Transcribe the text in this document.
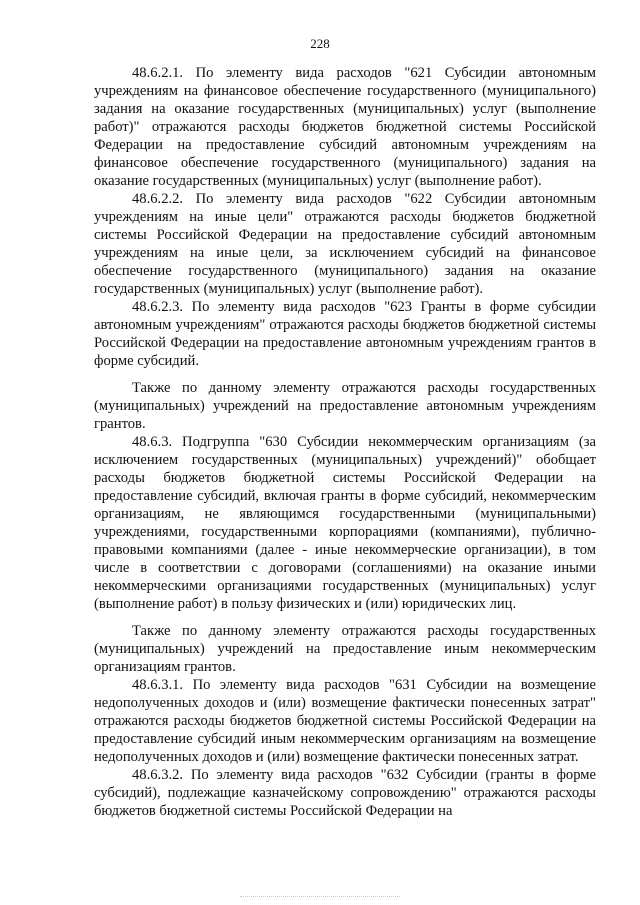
228

48.6.2.1. По элементу вида расходов "621 Субсидии автономным учреждениям на финансовое обеспечение государственного (муниципального) задания на оказание государственных (муниципальных) услуг (выполнение работ)" отражаются расходы бюджетов бюджетной системы Российской Федерации на предоставление субсидий автономным учреждениям на финансовое обеспечение государственного (муниципального) задания на оказание государственных (муниципальных) услуг (выполнение работ).

48.6.2.2. По элементу вида расходов "622 Субсидии автономным учреждениям на иные цели" отражаются расходы бюджетов бюджетной системы Российской Федерации на предоставление субсидий автономным учреждениям на иные цели, за исключением субсидий на финансовое обеспечение государственного (муниципального) задания на оказание государственных (муниципальных) услуг (выполнение работ).

48.6.2.3. По элементу вида расходов "623 Гранты в форме субсидии автономным учреждениям" отражаются расходы бюджетов бюджетной системы Российской Федерации на предоставление автономным учреждениям грантов в форме субсидий.

Также по данному элементу отражаются расходы государственных (муниципальных) учреждений на предоставление автономным учреждениям грантов.

48.6.3. Подгруппа "630 Субсидии некоммерческим организациям (за исключением государственных (муниципальных) учреждений)" обобщает расходы бюджетов бюджетной системы Российской Федерации на предоставление субсидий, включая гранты в форме субсидий, некоммерческим организациям, не являющимся государственными (муниципальными) учреждениями, государственными корпорациями (компаниями), публично-правовыми компаниями (далее - иные некоммерческие организации), в том числе в соответствии с договорами (соглашениями) на оказание иными некоммерческими организациями государственных (муниципальных) услуг (выполнение работ) в пользу физических и (или) юридических лиц.

Также по данному элементу отражаются расходы государственных (муниципальных) учреждений на предоставление иным некоммерческим организациям грантов.

48.6.3.1. По элементу вида расходов "631 Субсидии на возмещение недополученных доходов и (или) возмещение фактически понесенных затрат" отражаются расходы бюджетов бюджетной системы Российской Федерации на предоставление субсидий иным некоммерческим организациям на возмещение недополученных доходов и (или) возмещение фактически понесенных затрат.

48.6.3.2. По элементу вида расходов "632 Субсидии (гранты в форме субсидий), подлежащие казначейскому сопровождению" отражаются расходы бюджетов бюджетной системы Российской Федерации на
